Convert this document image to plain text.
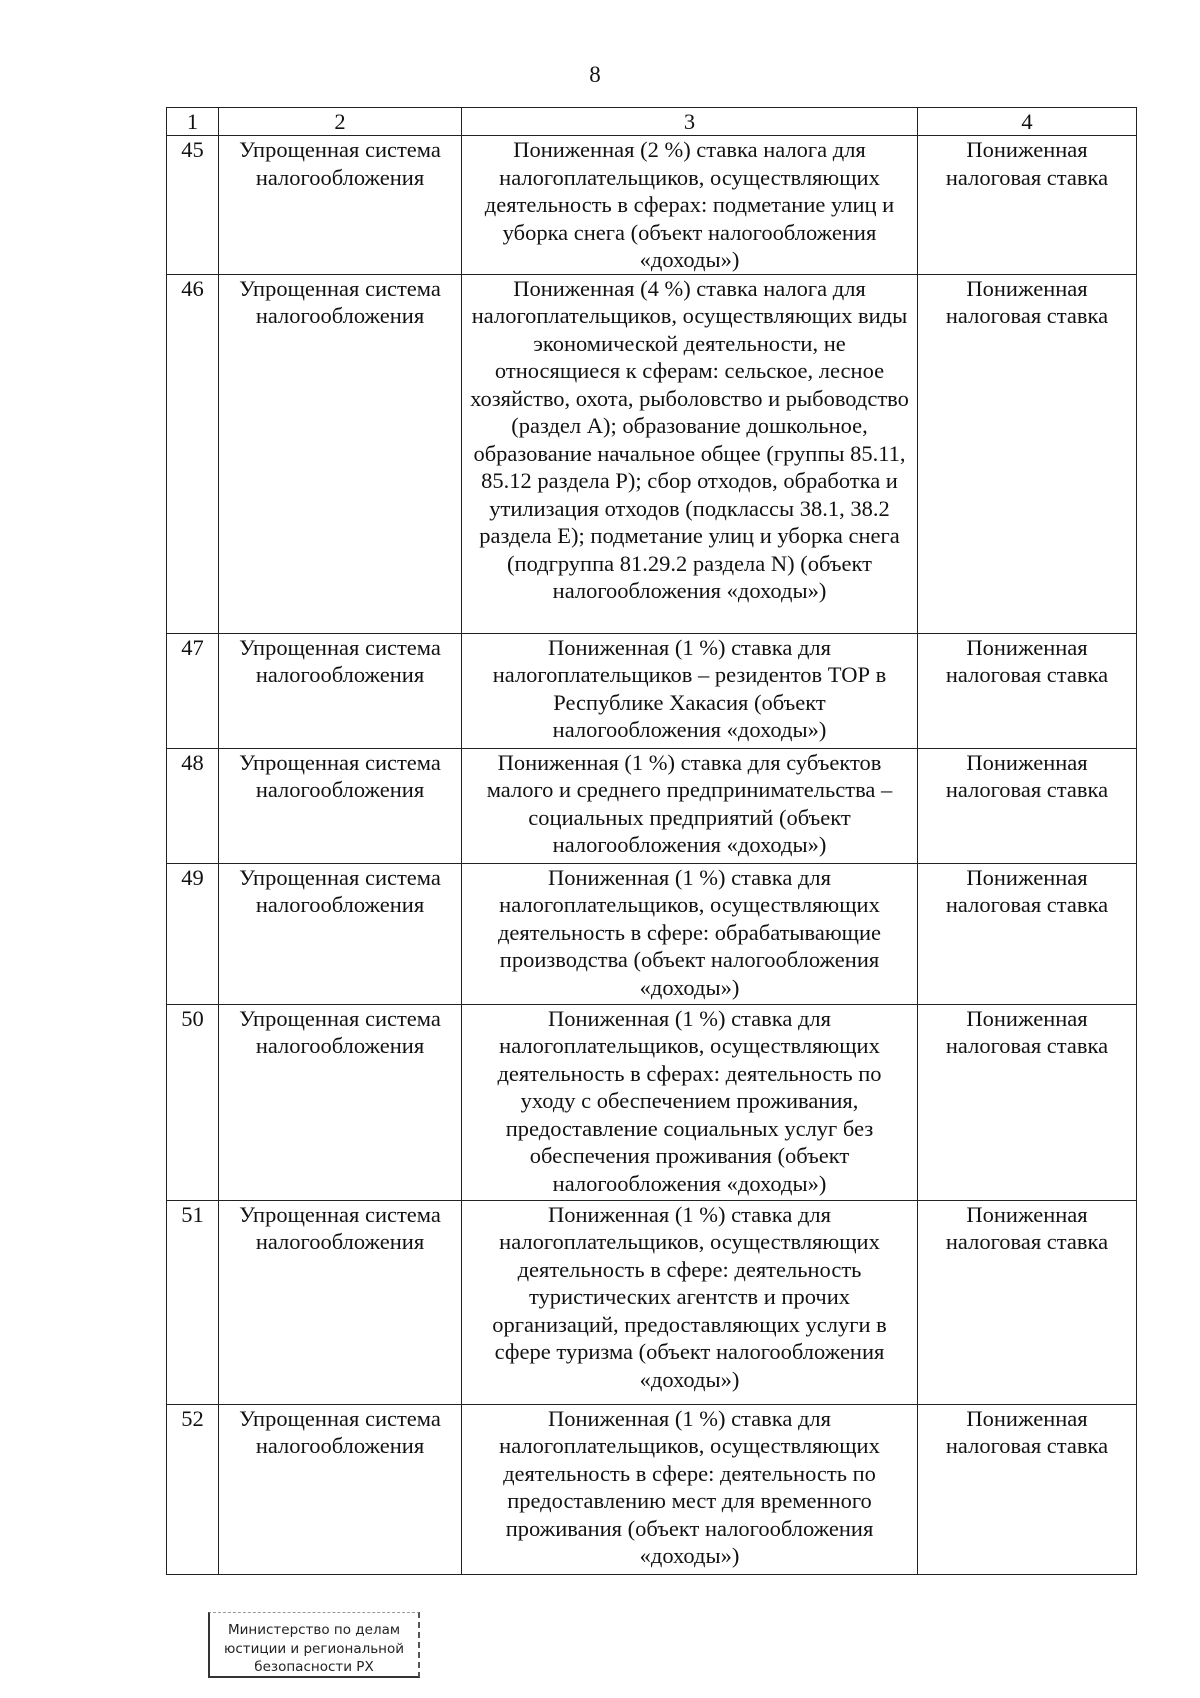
8
1	2	3	4
45	Упрощенная система налогообложения	Пониженная (2 %) ставка налога для налогоплательщиков, осуществляющих деятельность в сферах: подметание улиц и уборка снега (объект налогообложения «доходы»)	Пониженная налоговая ставка
46	Упрощенная система налогообложения	Пониженная (4 %) ставка налога для налогоплательщиков, осуществляющих виды экономической деятельности, не относящиеся к сферам: сельское, лесное хозяйство, охота, рыболовство и рыбоводство (раздел A); образование дошкольное, образование начальное общее (группы 85.11, 85.12 раздела P); сбор отходов, обработка и утилизация отходов (подклассы 38.1, 38.2 раздела E); подметание улиц и уборка снега (подгруппа 81.29.2 раздела N) (объект налогообложения «доходы»)	Пониженная налоговая ставка
47	Упрощенная система налогообложения	Пониженная (1 %) ставка для налогоплательщиков – резидентов ТОР в Республике Хакасия (объект налогообложения «доходы»)	Пониженная налоговая ставка
48	Упрощенная система налогообложения	Пониженная (1 %) ставка для субъектов малого и среднего предпринимательства – социальных предприятий (объект налогообложения «доходы»)	Пониженная налоговая ставка
49	Упрощенная система налогообложения	Пониженная (1 %) ставка для налогоплательщиков, осуществляющих деятельность в сфере: обрабатывающие производства (объект налогообложения «доходы»)	Пониженная налоговая ставка
50	Упрощенная система налогообложения	Пониженная (1 %) ставка для налогоплательщиков, осуществляющих деятельность в сферах: деятельность по уходу с обеспечением проживания, предоставление социальных услуг без обеспечения проживания (объект налогообложения «доходы»)	Пониженная налоговая ставка
51	Упрощенная система налогообложения	Пониженная (1 %) ставка для налогоплательщиков, осуществляющих деятельность в сфере: деятельность туристических агентств и прочих организаций, предоставляющих услуги в сфере туризма (объект налогообложения «доходы»)	Пониженная налоговая ставка
52	Упрощенная система налогообложения	Пониженная (1 %) ставка для налогоплательщиков, осуществляющих деятельность в сфере: деятельность по предоставлению мест для временного проживания (объект налогообложения «доходы»)	Пониженная налоговая ставка
Министерство по делам
юстиции и региональной
безопасности РХ
